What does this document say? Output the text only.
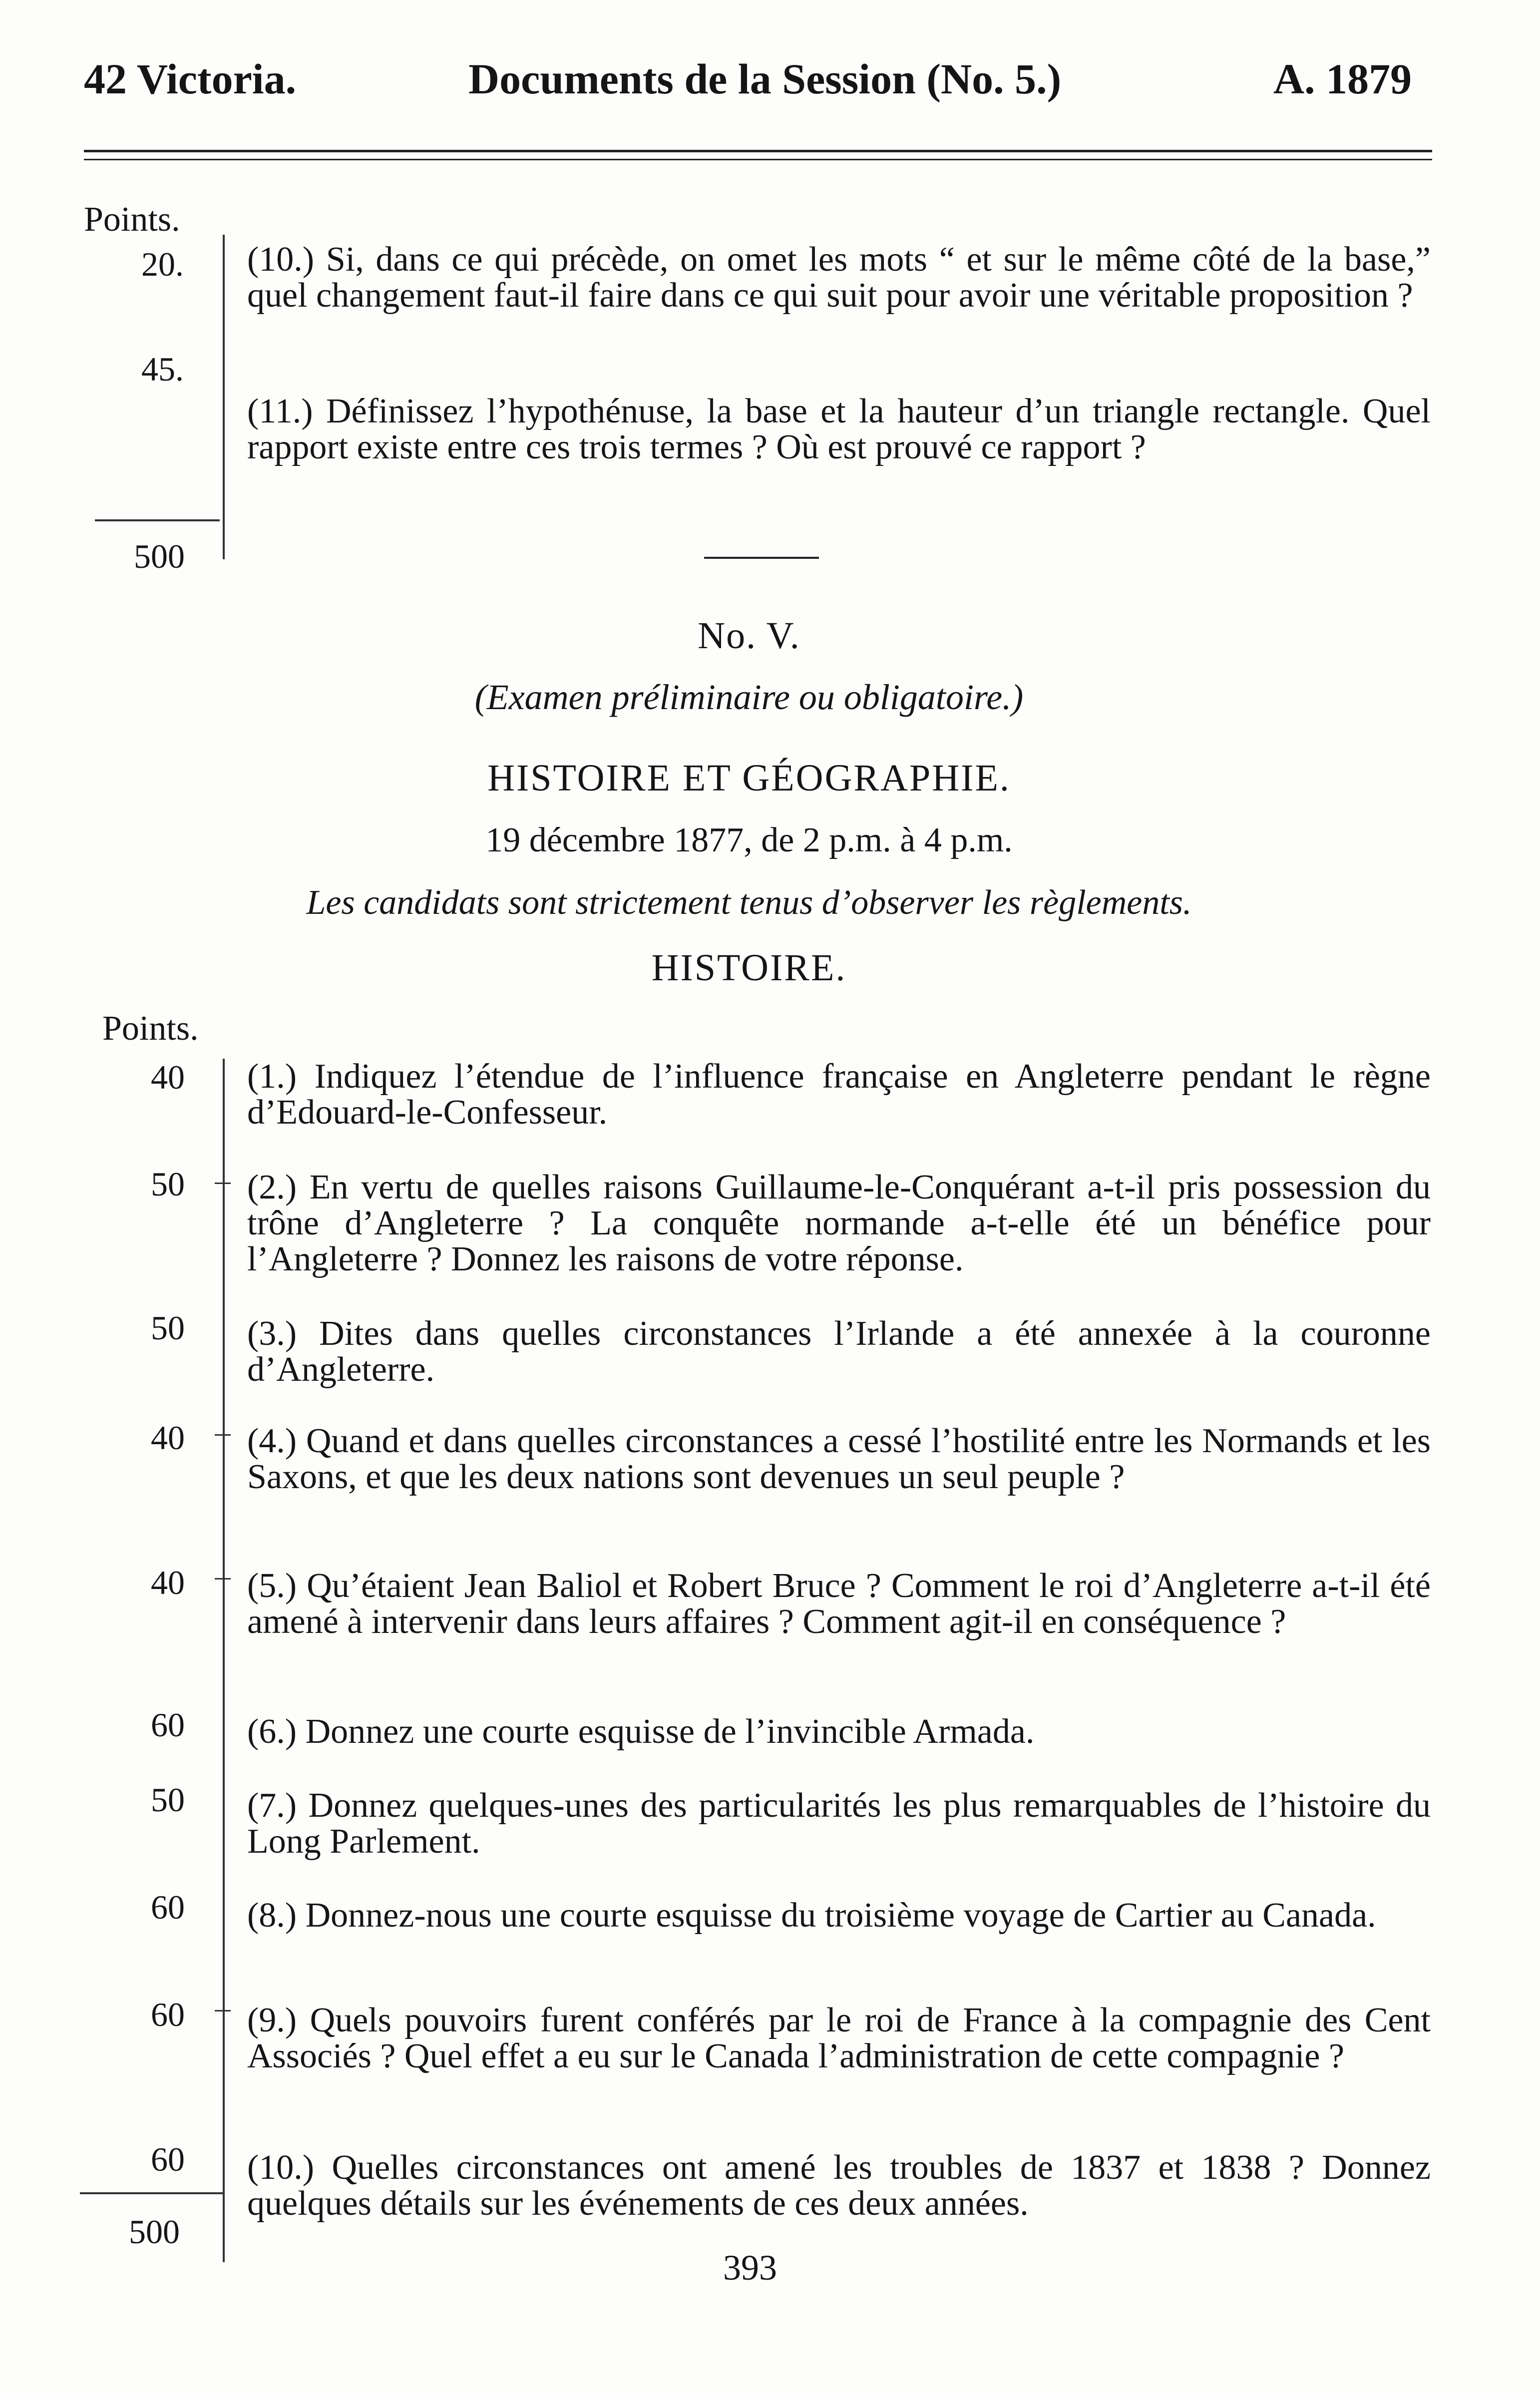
42 Victoria.	Documents de la Session (No. 5.)	A. 1879
Points.
20.
45.
500

(10.) Si, dans ce qui précède, on omet les mots “ et sur le même côté de la base,” quel changement faut-il faire dans ce qui suit pour avoir une véritable proposition ?

(11.) Définissez l’hypothénuse, la base et la hauteur d’un triangle rectangle. Quel rapport existe entre ces trois termes ? Où est prouvé ce rapport ?

No. V.
(Examen préliminaire ou obligatoire.)
HISTOIRE ET GÉOGRAPHIE.
19 décembre 1877, de 2 p.m. à 4 p.m.
Les candidats sont strictement tenus d’observer les règlements.
HISTOIRE.
Points.
40
50
50
40
40
60
50
60
60
60
500

(1.) Indiquez l’étendue de l’influence française en Angleterre pendant le règne d’Edouard-le-Confesseur.

(2.) En vertu de quelles raisons Guillaume-le-Conquérant a-t-il pris possession du trône d’Angleterre ? La conquête normande a-t-elle été un bénéfice pour l’Angleterre ? Donnez les raisons de votre réponse.

(3.) Dites dans quelles circonstances l’Irlande a été annexée à la couronne d’Angleterre.

(4.) Quand et dans quelles circonstances a cessé l’hostilité entre les Normands et les Saxons, et que les deux nations sont devenues un seul peuple ?

(5.) Qu’étaient Jean Baliol et Robert Bruce ? Comment le roi d’Angleterre a-t-il été amené à intervenir dans leurs affaires ? Comment agit-il en conséquence ?

(6.) Donnez une courte esquisse de l’invincible Armada.

(7.) Donnez quelques-unes des particularités les plus remarquables de l’histoire du Long Parlement.

(8.) Donnez-nous une courte esquisse du troisième voyage de Cartier au Canada.

(9.) Quels pouvoirs furent conférés par le roi de France à la compagnie des Cent Associés ? Quel effet a eu sur le Canada l’administration de cette compagnie ?

(10.) Quelles circonstances ont amené les troubles de 1837 et 1838 ? Donnez quelques détails sur les événements de ces deux années.

393
